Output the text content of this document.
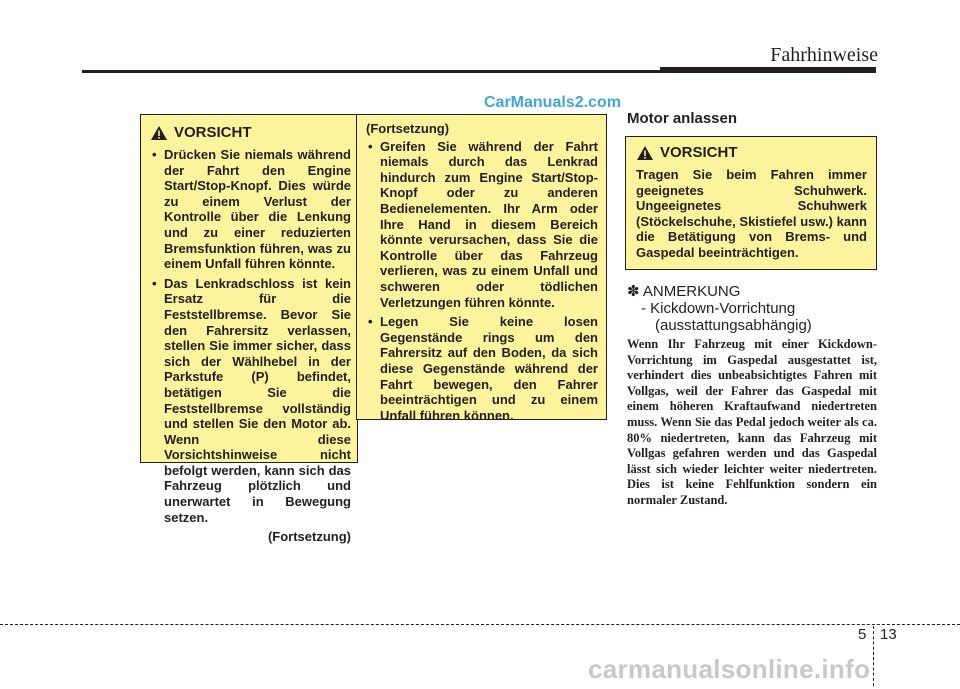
Fahrhinweise
CarManuals2.com
VORSICHT
• Drücken Sie niemals während der Fahrt den Engine Start/Stop-Knopf. Dies würde zu einem Verlust der Kontrolle über die Lenkung und zu einer reduzierten Bremsfunktion führen, was zu einem Unfall führen könnte.
• Das Lenkradschloss ist kein Ersatz für die Feststellbremse. Bevor Sie den Fahrersitz verlassen, stellen Sie immer sicher, dass sich der Wählhebel in der Parkstufe (P) befindet, betätigen Sie die Feststellbremse vollständig und stellen Sie den Motor ab. Wenn diese Vorsichtshinweise nicht befolgt werden, kann sich das Fahrzeug plötzlich und unerwartet in Bewegung setzen.
(Fortsetzung)
(Fortsetzung)
• Greifen Sie während der Fahrt niemals durch das Lenkrad hindurch zum Engine Start/Stop-Knopf oder zu anderen Bedienelementen. Ihr Arm oder Ihre Hand in diesem Bereich könnte verursachen, dass Sie die Kontrolle über das Fahrzeug verlieren, was zu einem Unfall und schweren oder tödlichen Verletzungen führen könnte.
• Legen Sie keine losen Gegenstände rings um den Fahrersitz auf den Boden, da sich diese Gegenstände während der Fahrt bewegen, den Fahrer beeinträchtigen und zu einem Unfall führen können.
Motor anlassen
VORSICHT
Tragen Sie beim Fahren immer geeignetes Schuhwerk. Ungeeignetes Schuhwerk (Stöckelschuhe, Skistiefel usw.) kann die Betätigung von Brems- und Gaspedal beeinträchtigen.
✽ ANMERKUNG
- Kickdown-Vorrichtung
(ausstattungsabhängig)
Wenn Ihr Fahrzeug mit einer Kickdown-Vorrichtung im Gaspedal ausgestattet ist, verhindert dies unbeabsichtigtes Fahren mit Vollgas, weil der Fahrer das Gaspedal mit einem höheren Kraftaufwand niedertreten muss. Wenn Sie das Pedal jedoch weiter als ca. 80% niedertreten, kann das Fahrzeug mit Vollgas gefahren werden und das Gaspedal lässt sich wieder leichter weiter niedertreten. Dies ist keine Fehlfunktion sondern ein normaler Zustand.
5 13
carmanualsonline.info
